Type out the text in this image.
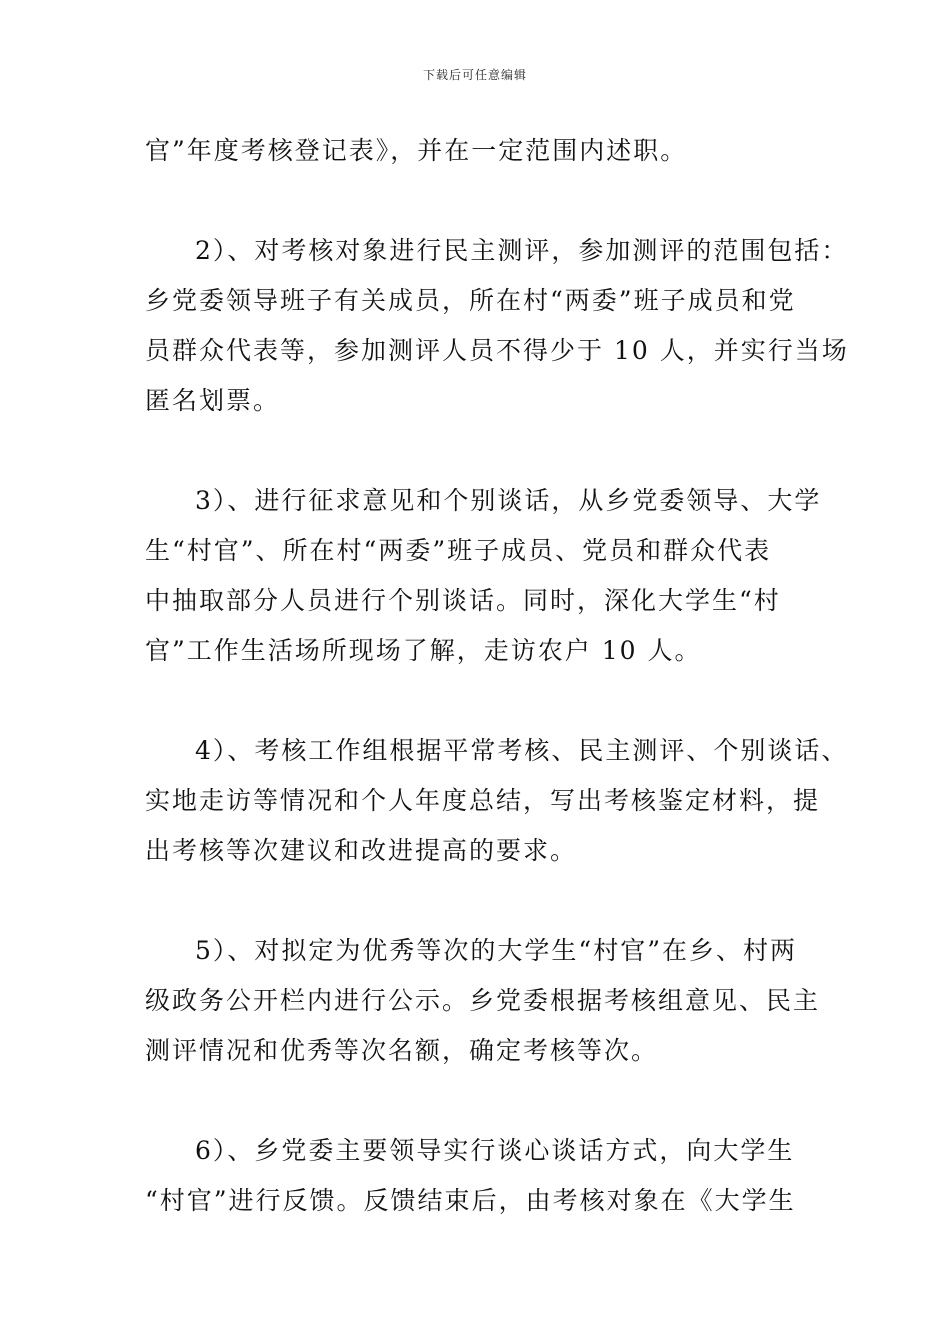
下载后可任意编辑

官”年度考核登记表》，并在一定范围内述职。

2）、对考核对象进行民主测评，参加测评的范围包括：
乡党委领导班子有关成员，所在村“两委”班子成员和党
员群众代表等，参加测评人员不得少于 10 人，并实行当场
匿名划票。

3）、进行征求意见和个别谈话，从乡党委领导、大学
生“村官”、所在村“两委”班子成员、党员和群众代表
中抽取部分人员进行个别谈话。同时，深化大学生“村
官”工作生活场所现场了解，走访农户 10 人。

4）、考核工作组根据平常考核、民主测评、个别谈话、
实地走访等情况和个人年度总结，写出考核鉴定材料，提
出考核等次建议和改进提高的要求。

5）、对拟定为优秀等次的大学生“村官”在乡、村两
级政务公开栏内进行公示。乡党委根据考核组意见、民主
测评情况和优秀等次名额，确定考核等次。

6）、乡党委主要领导实行谈心谈话方式，向大学生
“村官”进行反馈。反馈结束后，由考核对象在《大学生
